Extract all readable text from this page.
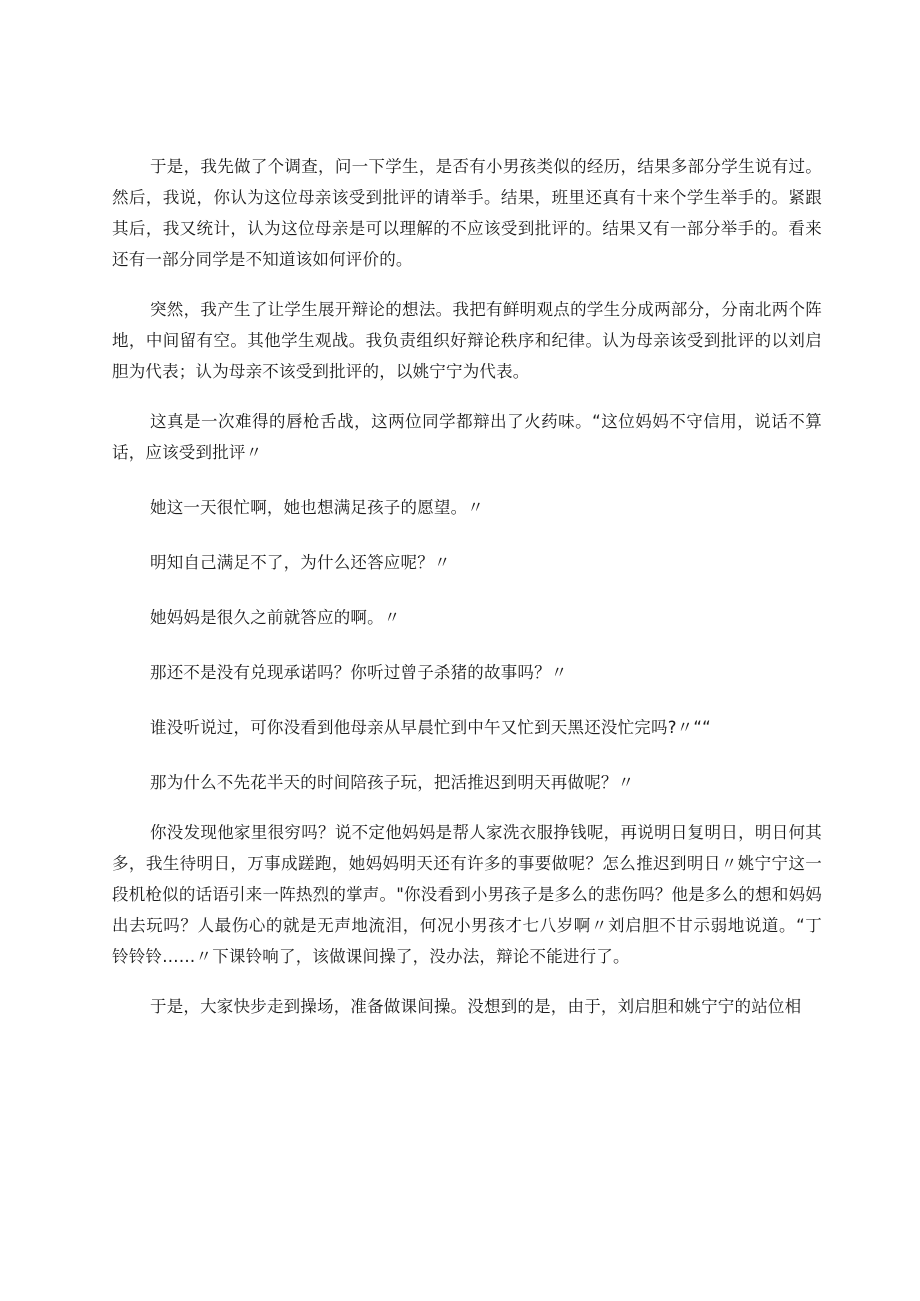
于是，我先做了个调查，问一下学生，是否有小男孩类似的经历，结果多部分学生说有过。然后，我说，你认为这位母亲该受到批评的请举手。结果，班里还真有十来个学生举手的。紧跟其后，我又统计，认为这位母亲是可以理解的不应该受到批评的。结果又有一部分举手的。看来还有一部分同学是不知道该如何评价的。

突然，我产生了让学生展开辩论的想法。我把有鲜明观点的学生分成两部分，分南北两个阵地，中间留有空。其他学生观战。我负责组织好辩论秩序和纪律。认为母亲该受到批评的以刘启胆为代表；认为母亲不该受到批评的，以姚宁宁为代表。

这真是一次难得的唇枪舌战，这两位同学都辩出了火药味。“这位妈妈不守信用，说话不算话，应该受到批评〃

她这一天很忙啊，她也想满足孩子的愿望。〃

明知自己满足不了，为什么还答应呢？〃

她妈妈是很久之前就答应的啊。〃

那还不是没有兑现承诺吗？你听过曾子杀猪的故事吗？〃

谁没听说过，可你没看到他母亲从早晨忙到中午又忙到天黑还没忙完吗?〃““

那为什么不先花半天的时间陪孩子玩，把活推迟到明天再做呢？〃

你没发现他家里很穷吗？说不定他妈妈是帮人家洗衣服挣钱呢，再说明日复明日，明日何其多，我生待明日，万事成蹉跑，她妈妈明天还有许多的事要做呢？怎么推迟到明日〃姚宁宁这一段机枪似的话语引来一阵热烈的掌声。"你没看到小男孩子是多么的悲伤吗？他是多么的想和妈妈出去玩吗？人最伤心的就是无声地流泪，何况小男孩才七八岁啊〃刘启胆不甘示弱地说道。“丁铃铃铃……〃下课铃响了，该做课间操了，没办法，辩论不能进行了。

于是，大家快步走到操场，准备做课间操。没想到的是，由于，刘启胆和姚宁宁的站位相
